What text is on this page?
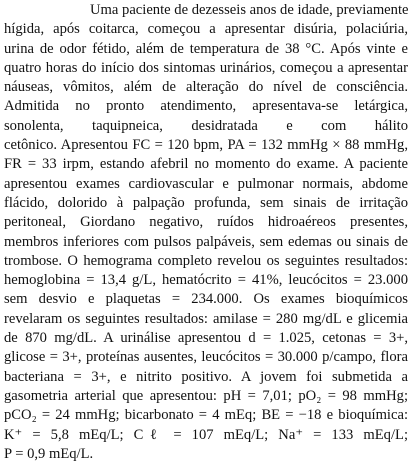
Uma paciente de dezesseis anos de idade, previamente
hígida, após coitarca, começou a apresentar disúria, polaciúria,
urina de odor fétido, além de temperatura de 38 °C. Após vinte e
quatro horas do início dos sintomas urinários, começou a apresentar
náuseas, vômitos, além de alteração do nível de consciência.
Admitida no pronto atendimento, apresentava-se letárgica,
sonolenta, taquipneica, desidratada e com hálito
cetônico. Apresentou FC = 120 bpm, PA = 132 mmHg × 88 mmHg,
FR = 33 irpm, estando afebril no momento do exame. A paciente
apresentou exames cardiovascular e pulmonar normais, abdome
flácido, dolorido à palpação profunda, sem sinais de irritação
peritoneal, Giordano negativo, ruídos hidroaéreos presentes,
membros inferiores com pulsos palpáveis, sem edemas ou sinais de
trombose. O hemograma completo revelou os seguintes resultados:
hemoglobina = 13,4 g/L, hematócrito = 41%, leucócitos = 23.000
sem desvio e plaquetas = 234.000. Os exames bioquímicos
revelaram os seguintes resultados: amilase = 280 mg/dL e glicemia
de 870 mg/dL. A urinálise apresentou d = 1.025, cetonas = 3+,
glicose = 3+, proteínas ausentes, leucócitos = 30.000 p/campo, flora
bacteriana = 3+, e nitrito positivo. A jovem foi submetida a
gasometria arterial que apresentou: pH = 7,01; pO₂ = 98 mmHg;
pCO₂ = 24 mmHg; bicarbonato = 4 mEq; BE = −18 e bioquímica:
K⁺ = 5,8 mEq/L; Cℓ = 107 mEq/L; Na⁺ = 133 mEq/L;
P = 0,9 mEq/L.
